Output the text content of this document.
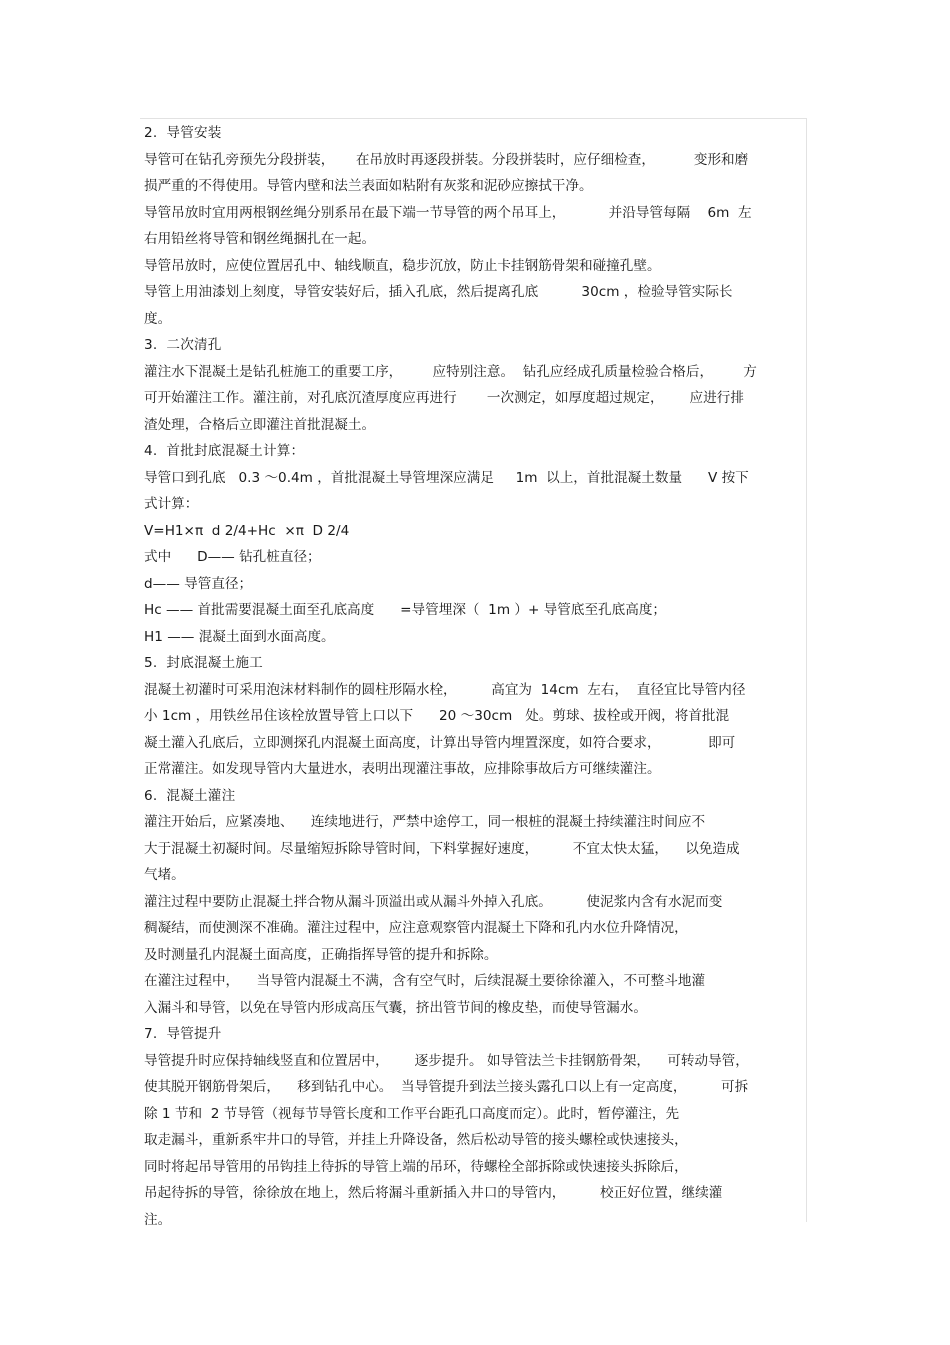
2.  导管安装
导管可在钻孔旁预先分段拼装，     在吊放时再逐段拼装。分段拼装时，应仔细检查，         变形和磨
损严重的不得使用。导管内壁和法兰表面如粘附有灰浆和泥砂应擦拭干净。
导管吊放时宜用两根钢丝绳分别系吊在最下端一节导管的两个吊耳上，          并沿导管每隔    6m  左
右用铅丝将导管和钢丝绳捆扎在一起。
导管吊放时，应使位置居孔中、轴线顺直，稳步沉放，防止卡挂钢筋骨架和碰撞孔壁。
导管上用油漆划上刻度，导管安装好后，插入孔底，然后提离孔底          30cm ，检验导管实际长
度。
3.  二次清孔
灌注水下混凝土是钻孔桩施工的重要工序，       应特别注意。  钻孔应经成孔质量检验合格后，       方
可开始灌注工作。灌注前，对孔底沉渣厚度应再进行       一次测定，如厚度超过规定，      应进行排
渣处理，合格后立即灌注首批混凝土。
4.  首批封底混凝土计算：
导管口到孔底   0.3 ～0.4m ，首批混凝土导管埋深应满足     1m  以上，首批混凝土数量      V 按下
式计算：
V=H1×π  d 2/4+Hc  ×π  D 2/4
式中      D—— 钻孔桩直径；
d—— 导管直径；
Hc —— 首批需要混凝土面至孔底高度      =导管埋深（  1m ）+ 导管底至孔底高度；
H1 —— 混凝土面到水面高度。
5.  封底混凝土施工
混凝土初灌时可采用泡沫材料制作的圆柱形隔水栓，        高宜为  14cm  左右，  直径宜比导管内径
小 1cm ，用铁丝吊住该栓放置导管上口以下      20 ～30cm   处。剪球、拔栓或开阀，将首批混
凝土灌入孔底后，立即测探孔内混凝土面高度，计算出导管内埋置深度，如符合要求，           即可
正常灌注。如发现导管内大量进水，表明出现灌注事故，应排除事故后方可继续灌注。
6.  混凝土灌注
灌注开始后，应紧凑地、    连续地进行，严禁中途停工，同一根桩的混凝土持续灌注时间应不
大于混凝土初凝时间。尽量缩短拆除导管时间，下料掌握好速度，        不宜太快太猛，    以免造成
气堵。
灌注过程中要防止混凝土拌合物从漏斗顶溢出或从漏斗外掉入孔底。        使泥浆内含有水泥而变
稠凝结，而使测深不准确。灌注过程中，应注意观察管内混凝土下降和孔内水位升降情况，
及时测量孔内混凝土面高度，正确指挥导管的提升和拆除。
在灌注过程中，    当导管内混凝土不满，含有空气时，后续混凝土要徐徐灌入，不可整斗地灌
入漏斗和导管，以免在导管内形成高压气囊，挤出管节间的橡皮垫，而使导管漏水。
7.  导管提升
导管提升时应保持轴线竖直和位置居中，      逐步提升。 如导管法兰卡挂钢筋骨架，    可转动导管，
使其脱开钢筋骨架后，    移到钻孔中心。  当导管提升到法兰接头露孔口以上有一定高度，        可拆
除 1 节和  2 节导管（视每节导管长度和工作平台距孔口高度而定）。此时，暂停灌注，先
取走漏斗，重新系牢井口的导管，并挂上升降设备，然后松动导管的接头螺栓或快速接头，
同时将起吊导管用的吊钩挂上待拆的导管上端的吊环，待螺栓全部拆除或快速接头拆除后，
吊起待拆的导管，徐徐放在地上，然后将漏斗重新插入井口的导管内，        校正好位置，继续灌
注。
